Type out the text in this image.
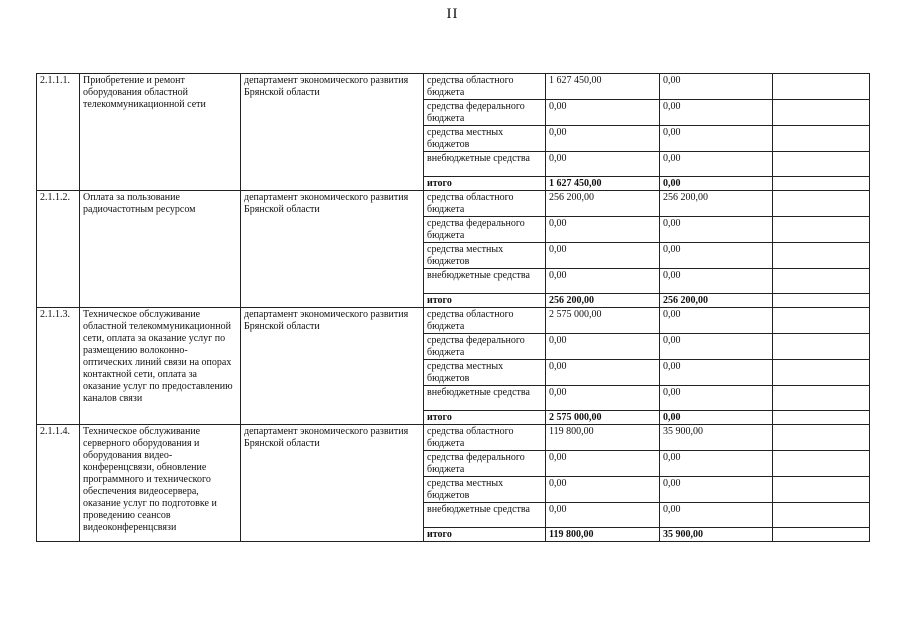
II
2.1.1.1.	Приобретение и ремонт оборудования областной телекоммуникационной сети	департамент экономического развития Брянской области	средства областного бюджета	1 627 450,00	0,00	
			средства федерального бюджета	0,00	0,00	
			средства местных бюджетов	0,00	0,00	
			внебюджетные средства	0,00	0,00	
			итого	1 627 450,00	0,00	
2.1.1.2.	Оплата за пользование радиочастотным ресурсом	департамент экономического развития Брянской области	средства областного бюджета	256 200,00	256 200,00	
			средства федерального бюджета	0,00	0,00	
			средства местных бюджетов	0,00	0,00	
			внебюджетные средства	0,00	0,00	
			итого	256 200,00	256 200,00	
2.1.1.3.	Техническое обслуживание областной телекоммуникационной сети, оплата за оказание услуг по размещению волоконно-оптических линий связи на опорах контактной сети, оплата за оказание услуг по предоставлению каналов связи	департамент экономического развития Брянской области	средства областного бюджета	2 575 000,00	0,00	
			средства федерального бюджета	0,00	0,00	
			средства местных бюджетов	0,00	0,00	
			внебюджетные средства	0,00	0,00	
			итого	2 575 000,00	0,00	
2.1.1.4.	Техническое обслуживание серверного оборудования и оборудования видео-конференцсвязи, обновление программного и технического обеспечения видеосервера, оказание услуг по подготовке и проведению сеансов видеоконференцсвязи	департамент экономического развития Брянской области	средства областного бюджета	119 800,00	35 900,00	
			средства федерального бюджета	0,00	0,00	
			средства местных бюджетов	0,00	0,00	
			внебюджетные средства	0,00	0,00	
			итого	119 800,00	35 900,00	
